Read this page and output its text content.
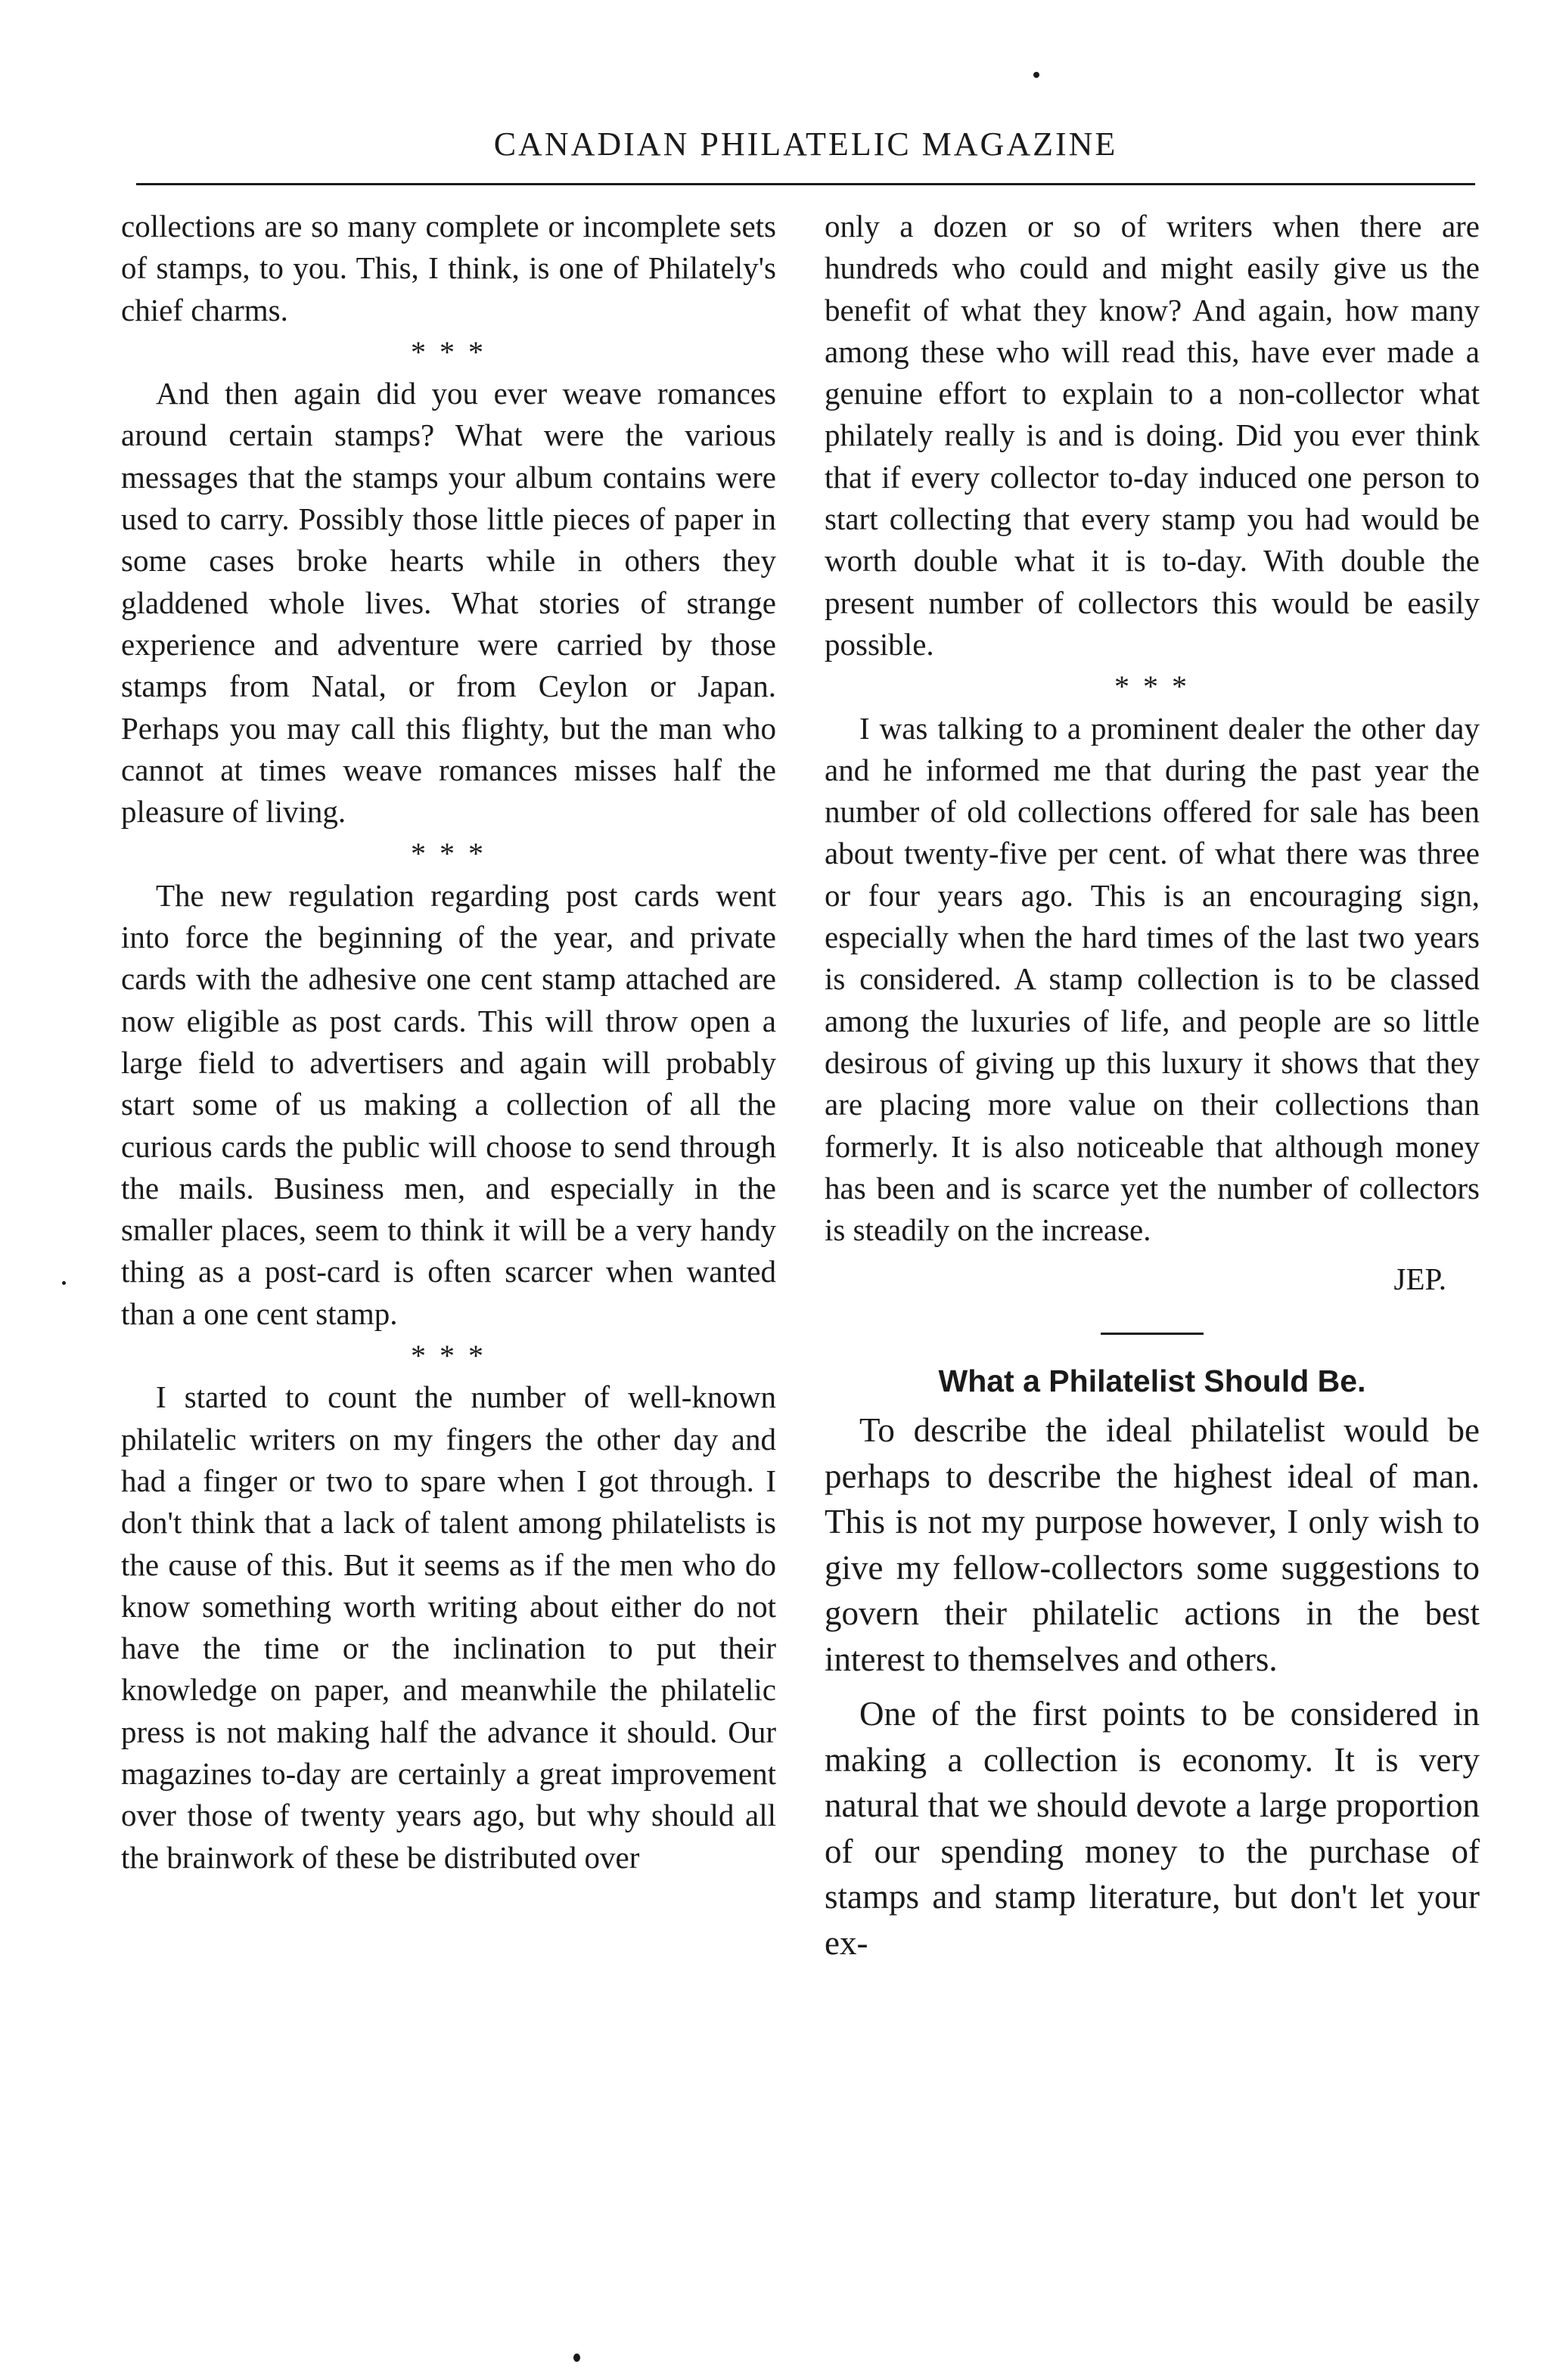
CANADIAN PHILATELIC MAGAZINE

collections are so many complete or incomplete sets of stamps, to you. This, I think, is one of Philately's chief charms.

* * *

And then again did you ever weave romances around certain stamps? What were the various messages that the stamps your album contains were used to carry. Possibly those little pieces of paper in some cases broke hearts while in others they gladdened whole lives. What stories of strange experience and adventure were carried by those stamps from Natal, or from Ceylon or Japan. Perhaps you may call this flighty, but the man who cannot at times weave romances misses half the pleasure of living.

* * *

The new regulation regarding post cards went into force the beginning of the year, and private cards with the adhesive one cent stamp attached are now eligible as post cards. This will throw open a large field to advertisers and again will probably start some of us making a collection of all the curious cards the public will choose to send through the mails. Business men, and especially in the smaller places, seem to think it will be a very handy thing as a post-card is often scarcer when wanted than a one cent stamp.

* * *

I started to count the number of well-known philatelic writers on my fingers the other day and had a finger or two to spare when I got through. I don't think that a lack of talent among philatelists is the cause of this. But it seems as if the men who do know something worth writing about either do not have the time or the inclination to put their knowledge on paper, and meanwhile the philatelic press is not making half the advance it should. Our magazines to-day are certainly a great improvement over those of twenty years ago, but why should all the brainwork of these be distributed over

only a dozen or so of writers when there are hundreds who could and might easily give us the benefit of what they know? And again, how many among these who will read this, have ever made a genuine effort to explain to a non-collector what philately really is and is doing. Did you ever think that if every collector to-day induced one person to start collecting that every stamp you had would be worth double what it is to-day. With double the present number of collectors this would be easily possible.

* * *

I was talking to a prominent dealer the other day and he informed me that during the past year the number of old collections offered for sale has been about twenty-five per cent. of what there was three or four years ago. This is an encouraging sign, especially when the hard times of the last two years is considered. A stamp collection is to be classed among the luxuries of life, and people are so little desirous of giving up this luxury it shows that they are placing more value on their collections than formerly. It is also noticeable that although money has been and is scarce yet the number of collectors is steadily on the increase.

JEP.
What a Philatelist Should Be.

To describe the ideal philatelist would be perhaps to describe the highest ideal of man. This is not my purpose however, I only wish to give my fellow-collectors some suggestions to govern their philatelic actions in the best interest to themselves and others.

One of the first points to be considered in making a collection is economy. It is very natural that we should devote a large proportion of our spending money to the purchase of stamps and stamp literature, but don't let your ex-
